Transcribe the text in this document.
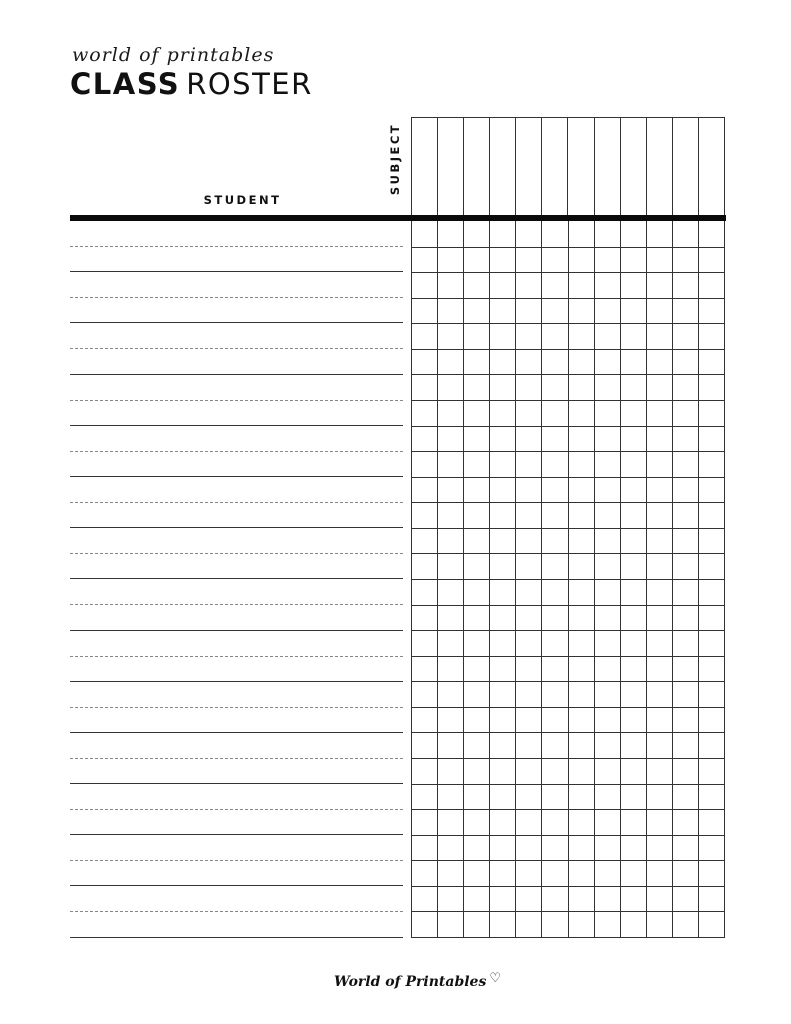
world of printables
CLASS ROSTER
STUDENT
SUBJECT
World of Printables ♡
